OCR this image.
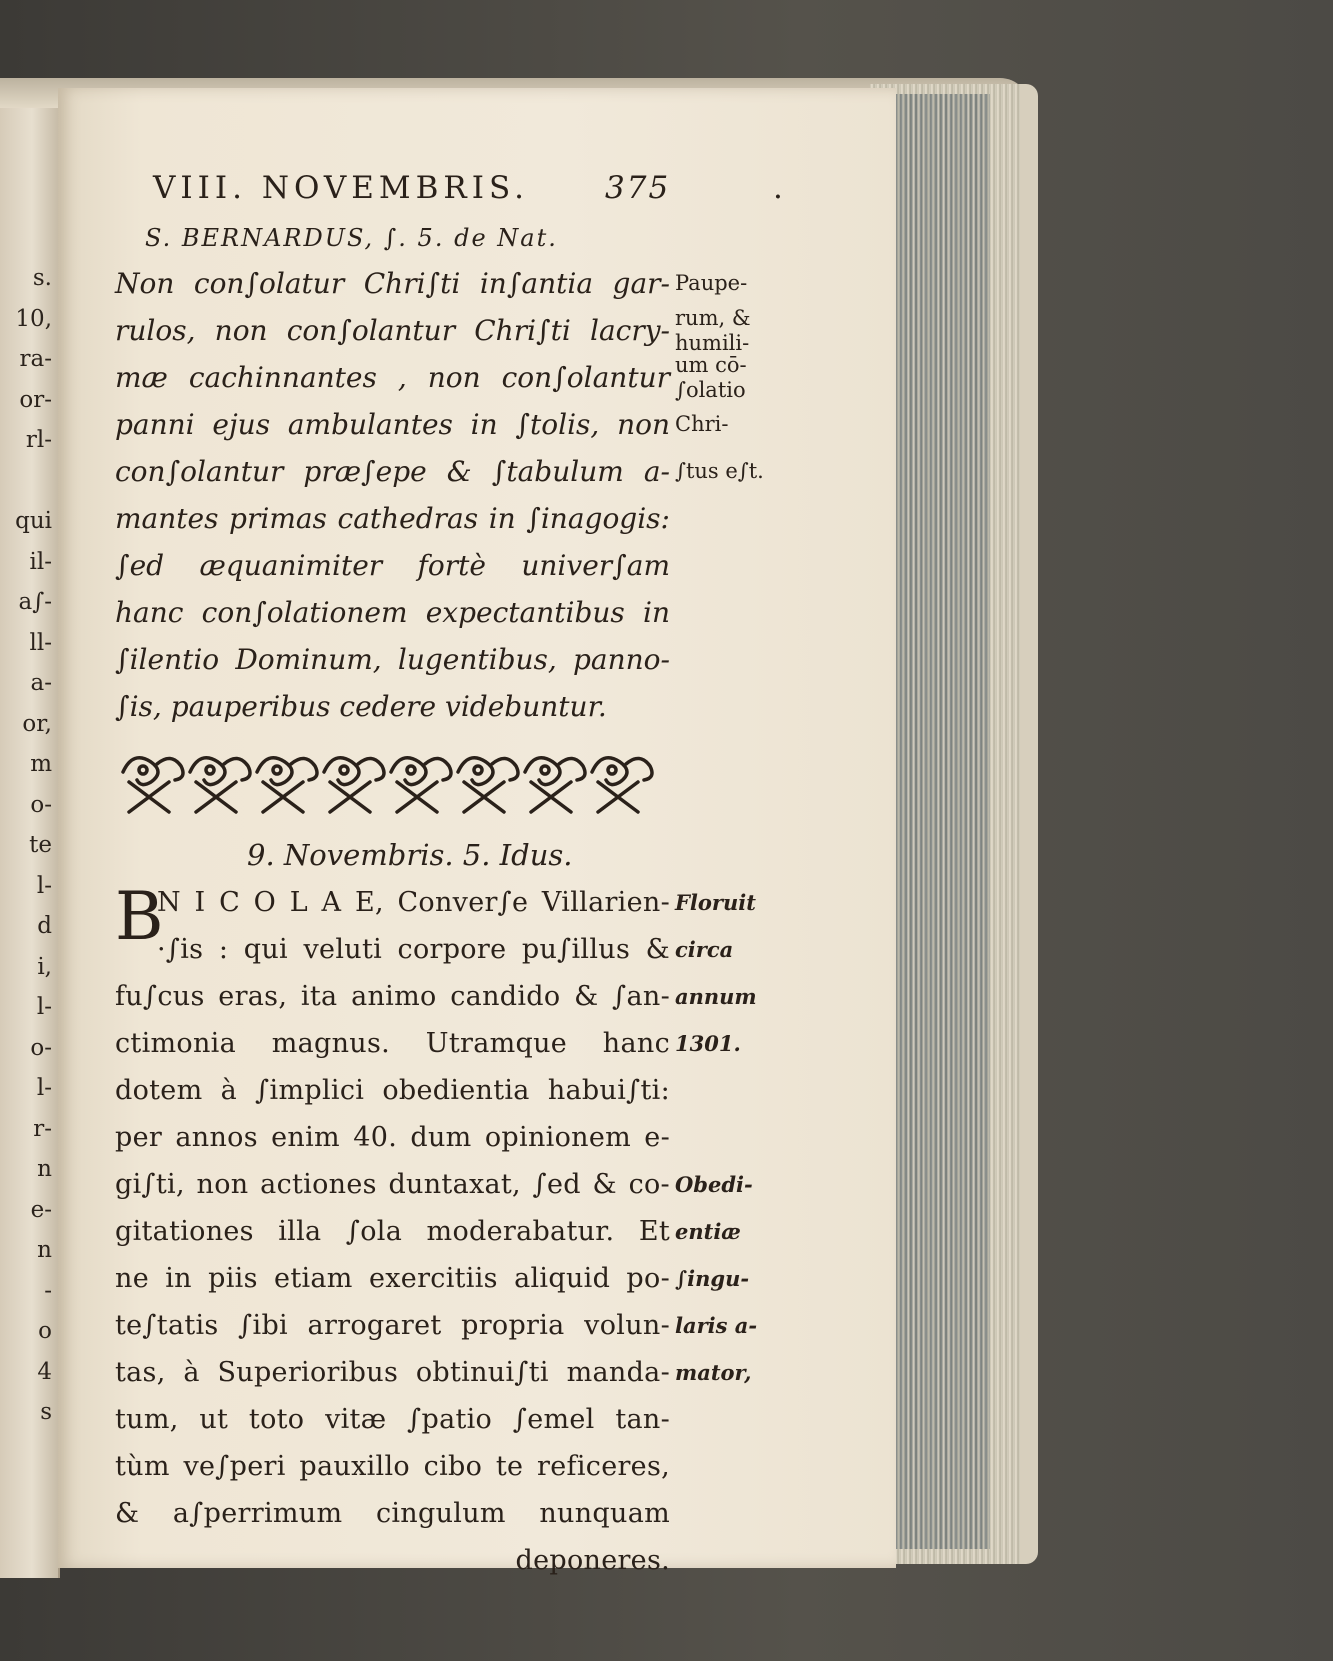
s.
10,
ra-
or-
rl-
qui
il-
a∫-
ll-
a-
or,
m
o-
te
l-
d
i,
l-
o-
l-
r-
n
e-
n
-
o
4
s
VIII. NOVEMBRIS. 375	.
S. BERNARDUS, ∫. 5. de Nat.
Non con∫olatur Chri∫ti in∫antia gar- Paupe-
rulos, non con∫olantur Chri∫ti lacry- rum, &
humili-
mæ cachinnantes , non con∫olantur um cō-
∫olatio
panni ejus ambulantes in ∫tolis, non Chri-
con∫olantur præ∫epe & ∫tabulum a- ∫tus e∫t.
mantes primas cathedras in ∫inagogis:
∫ed æquanimiter fortè univer∫am
hanc con∫olationem expectantibus in
∫ilentio Dominum, lugentibus, panno-
∫is, pauperibus cedere videbuntur.
9. Novembris. 5. Idus.
N I C O L A E, Conver∫e Villarien-
B	Floruit
·∫is : qui veluti corpore pu∫illus & circa
fu∫cus eras, ita animo candido & ∫an- annum
ctimonia magnus. Utramque hanc 1301.
dotem à ∫implici obedientia habui∫ti:
per annos enim 40. dum opinionem e-
gi∫ti, non actiones duntaxat, ∫ed & co- Obedi-
gitationes illa ∫ola moderabatur. Et entiæ
ne in piis etiam exercitiis aliquid po- ∫ingu-
te∫tatis ∫ibi arrogaret propria volun- laris a-
tas, à Superioribus obtinui∫ti manda- mator,
tum, ut toto vitæ ∫patio ∫emel tan-
tùm ve∫peri pauxillo cibo te reficeres,
& a∫perrimum cingulum nunquam
deponeres.
